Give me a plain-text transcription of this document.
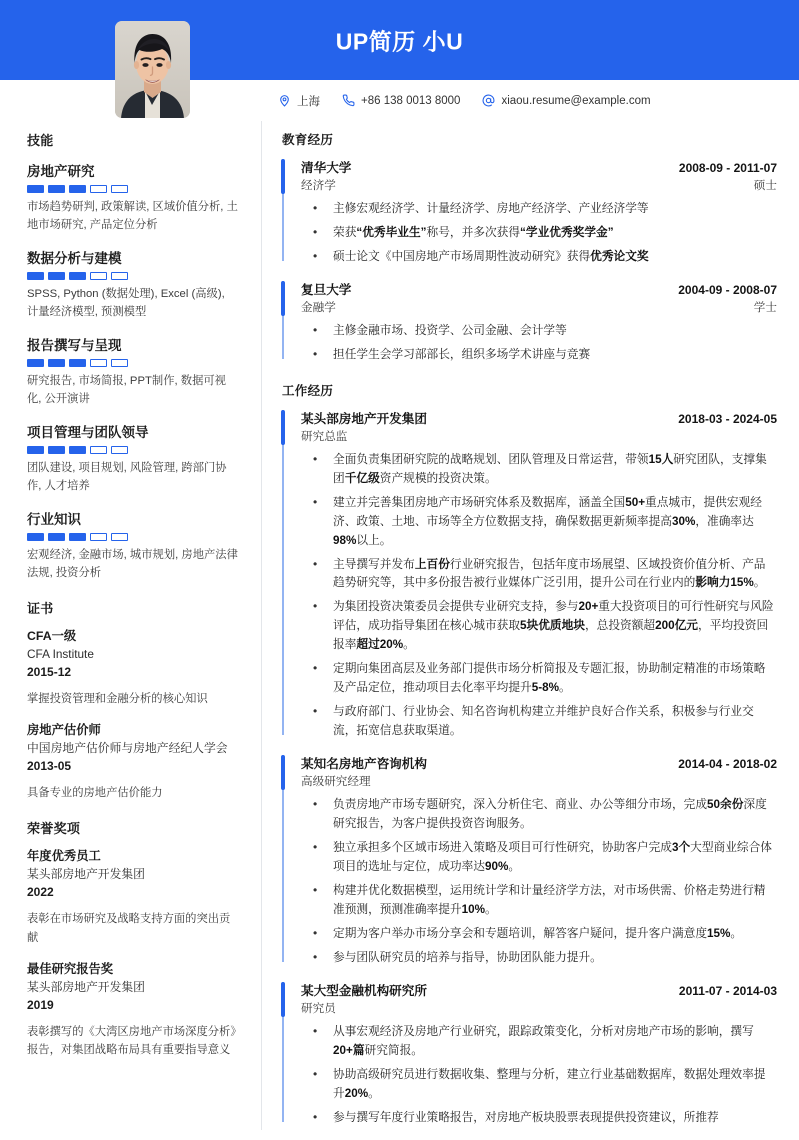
UP简历 小U
上海	+86 138 0013 8000	xiaou.resume@example.com
技能
房地产研究
市场趋势研判, 政策解读, 区域价值分析, 土地市场研究, 产品定位分析
数据分析与建模
SPSS, Python (数据处理), Excel (高级), 计量经济模型, 预测模型
报告撰写与呈现
研究报告, 市场简报, PPT制作, 数据可视化, 公开演讲
项目管理与团队领导
团队建设, 项目规划, 风险管理, 跨部门协作, 人才培养
行业知识
宏观经济, 金融市场, 城市规划, 房地产法律法规, 投资分析
证书
CFA一级
CFA Institute
2015-12
掌握投资管理和金融分析的核心知识
房地产估价师
中国房地产估价师与房地产经纪人学会
2013-05
具备专业的房地产估价能力
荣誉奖项
年度优秀员工
某头部房地产开发集团
2022
表彰在市场研究及战略支持方面的突出贡献
最佳研究报告奖
某头部房地产开发集团
2019
表彰撰写的《大湾区房地产市场深度分析》报告，对集团战略布局具有重要指导意义
教育经历
清华大学	2008-09 - 2011-07
经济学	硕士
• 主修宏观经济学、计量经济学、房地产经济学、产业经济学等
• 荣获“优秀毕业生”称号，并多次获得“学业优秀奖学金”
• 硕士论文《中国房地产市场周期性波动研究》获得优秀论文奖
复旦大学	2004-09 - 2008-07
金融学	学士
• 主修金融市场、投资学、公司金融、会计学等
• 担任学生会学习部部长，组织多场学术讲座与竞赛
工作经历
某头部房地产开发集团	2018-03 - 2024-05
研究总监
• 全面负责集团研究院的战略规划、团队管理及日常运营，带领15人研究团队，支撑集团千亿级资产规模的投资决策。
• 建立并完善集团房地产市场研究体系及数据库，涵盖全国50+重点城市，提供宏观经济、政策、土地、市场等全方位数据支持，确保数据更新频率提高30%，准确率达98%以上。
• 主导撰写并发布上百份行业研究报告，包括年度市场展望、区域投资价值分析、产品趋势研究等，其中多份报告被行业媒体广泛引用，提升公司在行业内的影响力15%。
• 为集团投资决策委员会提供专业研究支持，参与20+重大投资项目的可行性研究与风险评估，成功指导集团在核心城市获取5块优质地块，总投资额超200亿元，平均投资回报率超过20%。
• 定期向集团高层及业务部门提供市场分析简报及专题汇报，协助制定精准的市场策略及产品定位，推动项目去化率平均提升5-8%。
• 与政府部门、行业协会、知名咨询机构建立并维护良好合作关系，积极参与行业交流，拓宽信息获取渠道。
某知名房地产咨询机构	2014-04 - 2018-02
高级研究经理
• 负责房地产市场专题研究，深入分析住宅、商业、办公等细分市场，完成50余份深度研究报告，为客户提供投资咨询服务。
• 独立承担多个区域市场进入策略及项目可行性研究，协助客户完成3个大型商业综合体项目的选址与定位，成功率达90%。
• 构建并优化数据模型，运用统计学和计量经济学方法，对市场供需、价格走势进行精准预测，预测准确率提升10%。
• 定期为客户举办市场分享会和专题培训，解答客户疑问，提升客户满意度15%。
• 参与团队研究员的培养与指导，协助团队能力提升。
某大型金融机构研究所	2011-07 - 2014-03
研究员
• 从事宏观经济及房地产行业研究，跟踪政策变化，分析对房地产市场的影响，撰写20+篇研究简报。
• 协助高级研究员进行数据收集、整理与分析，建立行业基础数据库，数据处理效率提升20%。
• 参与撰写年度行业策略报告，对房地产板块股票表现提供投资建议，所推荐
